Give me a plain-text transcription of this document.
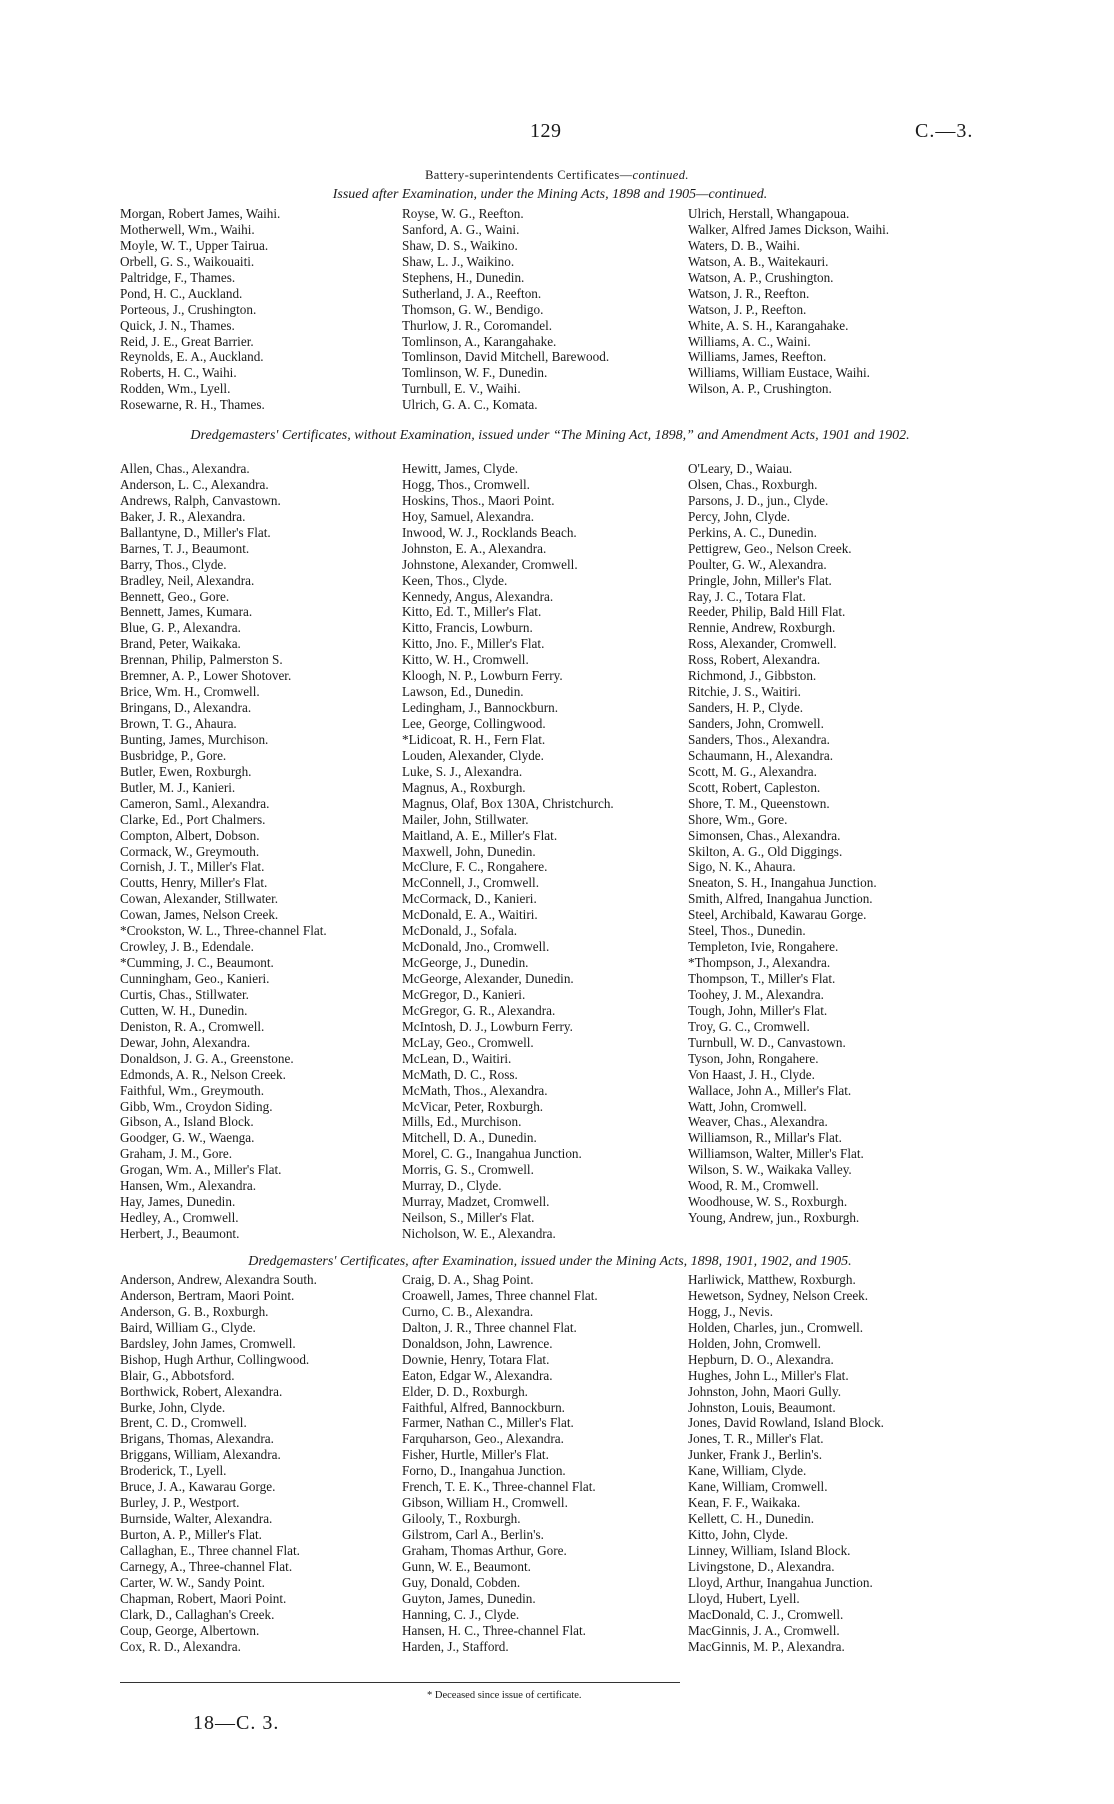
129	C.—3.
Battery-superintendents Certificates—continued.
Issued after Examination, under the Mining Acts, 1898 and 1905—continued.
Morgan, Robert James, Waihi.
Motherwell, Wm., Waihi.
Moyle, W. T., Upper Tairua.
Orbell, G. S., Waikouaiti.
Paltridge, F., Thames.
Pond, H. C., Auckland.
Porteous, J., Crushington.
Quick, J. N., Thames.
Reid, J. E., Great Barrier.
Reynolds, E. A., Auckland.
Roberts, H. C., Waihi.
Rodden, Wm., Lyell.
Rosewarne, R. H., Thames.
Royse, W. G., Reefton.
Sanford, A. G., Waini.
Shaw, D. S., Waikino.
Shaw, L. J., Waikino.
Stephens, H., Dunedin.
Sutherland, J. A., Reefton.
Thomson, G. W., Bendigo.
Thurlow, J. R., Coromandel.
Tomlinson, A., Karangahake.
Tomlinson, David Mitchell, Barewood.
Tomlinson, W. F., Dunedin.
Turnbull, E. V., Waihi.
Ulrich, G. A. C., Komata.
Ulrich, Herstall, Whangapoua.
Walker, Alfred James Dickson, Waihi.
Waters, D. B., Waihi.
Watson, A. B., Waitekauri.
Watson, A. P., Crushington.
Watson, J. R., Reefton.
Watson, J. P., Reefton.
White, A. S. H., Karangahake.
Williams, A. C., Waini.
Williams, James, Reefton.
Williams, William Eustace, Waihi.
Wilson, A. P., Crushington.
Dredgemasters' Certificates, without Examination, issued under “The Mining Act, 1898,” and Amendment Acts, 1901 and 1902.
Allen, Chas., Alexandra.
Anderson, L. C., Alexandra.
Andrews, Ralph, Canvastown.
Baker, J. R., Alexandra.
Ballantyne, D., Miller's Flat.
Barnes, T. J., Beaumont.
Barry, Thos., Clyde.
Bradley, Neil, Alexandra.
Bennett, Geo., Gore.
Bennett, James, Kumara.
Blue, G. P., Alexandra.
Brand, Peter, Waikaka.
Brennan, Philip, Palmerston S.
Bremner, A. P., Lower Shotover.
Brice, Wm. H., Cromwell.
Bringans, D., Alexandra.
Brown, T. G., Ahaura.
Bunting, James, Murchison.
Busbridge, P., Gore.
Butler, Ewen, Roxburgh.
Butler, M. J., Kanieri.
Cameron, Saml., Alexandra.
Clarke, Ed., Port Chalmers.
Compton, Albert, Dobson.
Cormack, W., Greymouth.
Cornish, J. T., Miller's Flat.
Coutts, Henry, Miller's Flat.
Cowan, Alexander, Stillwater.
Cowan, James, Nelson Creek.
*Crookston, W. L., Three-channel Flat.
Crowley, J. B., Edendale.
*Cumming, J. C., Beaumont.
Cunningham, Geo., Kanieri.
Curtis, Chas., Stillwater.
Cutten, W. H., Dunedin.
Deniston, R. A., Cromwell.
Dewar, John, Alexandra.
Donaldson, J. G. A., Greenstone.
Edmonds, A. R., Nelson Creek.
Faithful, Wm., Greymouth.
Gibb, Wm., Croydon Siding.
Gibson, A., Island Block.
Goodger, G. W., Waenga.
Graham, J. M., Gore.
Grogan, Wm. A., Miller's Flat.
Hansen, Wm., Alexandra.
Hay, James, Dunedin.
Hedley, A., Cromwell.
Herbert, J., Beaumont.
Hewitt, James, Clyde.
Hogg, Thos., Cromwell.
Hoskins, Thos., Maori Point.
Hoy, Samuel, Alexandra.
Inwood, W. J., Rocklands Beach.
Johnston, E. A., Alexandra.
Johnstone, Alexander, Cromwell.
Keen, Thos., Clyde.
Kennedy, Angus, Alexandra.
Kitto, Ed. T., Miller's Flat.
Kitto, Francis, Lowburn.
Kitto, Jno. F., Miller's Flat.
Kitto, W. H., Cromwell.
Kloogh, N. P., Lowburn Ferry.
Lawson, Ed., Dunedin.
Ledingham, J., Bannockburn.
Lee, George, Collingwood.
*Lidicoat, R. H., Fern Flat.
Louden, Alexander, Clyde.
Luke, S. J., Alexandra.
Magnus, A., Roxburgh.
Magnus, Olaf, Box 130A, Christchurch.
Mailer, John, Stillwater.
Maitland, A. E., Miller's Flat.
Maxwell, John, Dunedin.
McClure, F. C., Rongahere.
McConnell, J., Cromwell.
McCormack, D., Kanieri.
McDonald, E. A., Waitiri.
McDonald, J., Sofala.
McDonald, Jno., Cromwell.
McGeorge, J., Dunedin.
McGeorge, Alexander, Dunedin.
McGregor, D., Kanieri.
McGregor, G. R., Alexandra.
McIntosh, D. J., Lowburn Ferry.
McLay, Geo., Cromwell.
McLean, D., Waitiri.
McMath, D. C., Ross.
McMath, Thos., Alexandra.
McVicar, Peter, Roxburgh.
Mills, Ed., Murchison.
Mitchell, D. A., Dunedin.
Morel, C. G., Inangahua Junction.
Morris, G. S., Cromwell.
Murray, D., Clyde.
Murray, Madzet, Cromwell.
Neilson, S., Miller's Flat.
Nicholson, W. E., Alexandra.
O'Leary, D., Waiau.
Olsen, Chas., Roxburgh.
Parsons, J. D., jun., Clyde.
Percy, John, Clyde.
Perkins, A. C., Dunedin.
Pettigrew, Geo., Nelson Creek.
Poulter, G. W., Alexandra.
Pringle, John, Miller's Flat.
Ray, J. C., Totara Flat.
Reeder, Philip, Bald Hill Flat.
Rennie, Andrew, Roxburgh.
Ross, Alexander, Cromwell.
Ross, Robert, Alexandra.
Richmond, J., Gibbston.
Ritchie, J. S., Waitiri.
Sanders, H. P., Clyde.
Sanders, John, Cromwell.
Sanders, Thos., Alexandra.
Schaumann, H., Alexandra.
Scott, M. G., Alexandra.
Scott, Robert, Capleston.
Shore, T. M., Queenstown.
Shore, Wm., Gore.
Simonsen, Chas., Alexandra.
Skilton, A. G., Old Diggings.
Sigo, N. K., Ahaura.
Sneaton, S. H., Inangahua Junction.
Smith, Alfred, Inangahua Junction.
Steel, Archibald, Kawarau Gorge.
Steel, Thos., Dunedin.
Templeton, Ivie, Rongahere.
*Thompson, J., Alexandra.
Thompson, T., Miller's Flat.
Toohey, J. M., Alexandra.
Tough, John, Miller's Flat.
Troy, G. C., Cromwell.
Turnbull, W. D., Canvastown.
Tyson, John, Rongahere.
Von Haast, J. H., Clyde.
Wallace, John A., Miller's Flat.
Watt, John, Cromwell.
Weaver, Chas., Alexandra.
Williamson, R., Millar's Flat.
Williamson, Walter, Miller's Flat.
Wilson, S. W., Waikaka Valley.
Wood, R. M., Cromwell.
Woodhouse, W. S., Roxburgh.
Young, Andrew, jun., Roxburgh.
Dredgemasters' Certificates, after Examination, issued under the Mining Acts, 1898, 1901, 1902, and 1905.
Anderson, Andrew, Alexandra South.
Anderson, Bertram, Maori Point.
Anderson, G. B., Roxburgh.
Baird, William G., Clyde.
Bardsley, John James, Cromwell.
Bishop, Hugh Arthur, Collingwood.
Blair, G., Abbotsford.
Borthwick, Robert, Alexandra.
Burke, John, Clyde.
Brent, C. D., Cromwell.
Brigans, Thomas, Alexandra.
Briggans, William, Alexandra.
Broderick, T., Lyell.
Bruce, J. A., Kawarau Gorge.
Burley, J. P., Westport.
Burnside, Walter, Alexandra.
Burton, A. P., Miller's Flat.
Callaghan, E., Three channel Flat.
Carnegy, A., Three-channel Flat.
Carter, W. W., Sandy Point.
Chapman, Robert, Maori Point.
Clark, D., Callaghan's Creek.
Coup, George, Albertown.
Cox, R. D., Alexandra.
Craig, D. A., Shag Point.
Croawell, James, Three channel Flat.
Curno, C. B., Alexandra.
Dalton, J. R., Three channel Flat.
Donaldson, John, Lawrence.
Downie, Henry, Totara Flat.
Eaton, Edgar W., Alexandra.
Elder, D. D., Roxburgh.
Faithful, Alfred, Bannockburn.
Farmer, Nathan C., Miller's Flat.
Farquharson, Geo., Alexandra.
Fisher, Hurtle, Miller's Flat.
Forno, D., Inangahua Junction.
French, T. E. K., Three-channel Flat.
Gibson, William H., Cromwell.
Gilooly, T., Roxburgh.
Gilstrom, Carl A., Berlin's.
Graham, Thomas Arthur, Gore.
Gunn, W. E., Beaumont.
Guy, Donald, Cobden.
Guyton, James, Dunedin.
Hanning, C. J., Clyde.
Hansen, H. C., Three-channel Flat.
Harden, J., Stafford.
Harliwick, Matthew, Roxburgh.
Hewetson, Sydney, Nelson Creek.
Hogg, J., Nevis.
Holden, Charles, jun., Cromwell.
Holden, John, Cromwell.
Hepburn, D. O., Alexandra.
Hughes, John L., Miller's Flat.
Johnston, John, Maori Gully.
Johnston, Louis, Beaumont.
Jones, David Rowland, Island Block.
Jones, T. R., Miller's Flat.
Junker, Frank J., Berlin's.
Kane, William, Clyde.
Kane, William, Cromwell.
Kean, F. F., Waikaka.
Kellett, C. H., Dunedin.
Kitto, John, Clyde.
Linney, William, Island Block.
Livingstone, D., Alexandra.
Lloyd, Arthur, Inangahua Junction.
Lloyd, Hubert, Lyell.
MacDonald, C. J., Cromwell.
MacGinnis, J. A., Cromwell.
MacGinnis, M. P., Alexandra.
* Deceased since issue of certificate.
18—C. 3.
